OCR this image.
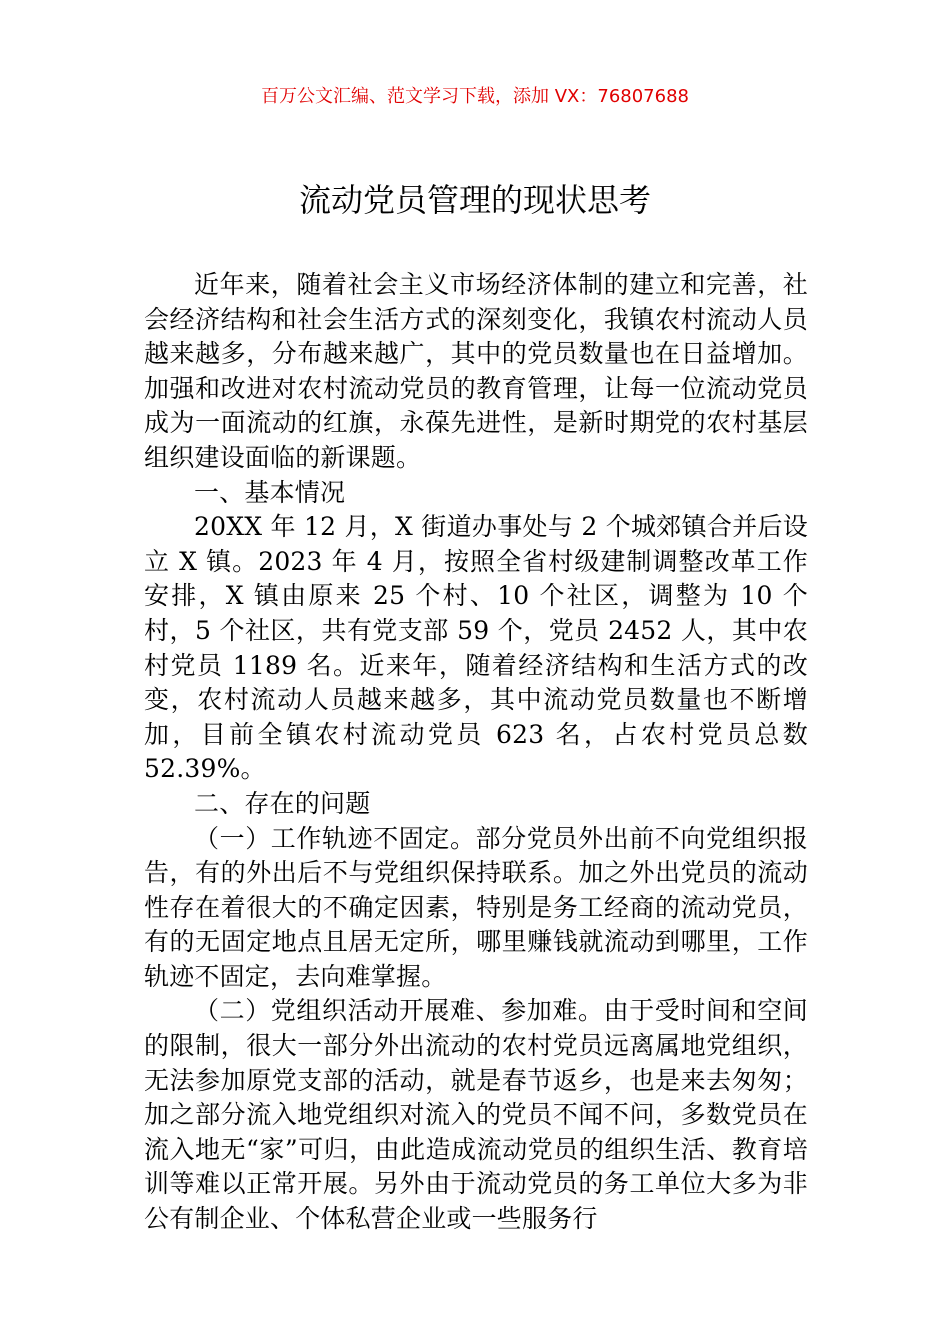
百万公文汇编、范文学习下载，添加 VX：76807688
流动党员管理的现状思考

近年来，随着社会主义市场经济体制的建立和完善，社会经济结构和社会生活方式的深刻变化，我镇农村流动人员越来越多，分布越来越广，其中的党员数量也在日益增加。加强和改进对农村流动党员的教育管理，让每一位流动党员成为一面流动的红旗，永葆先进性，是新时期党的农村基层组织建设面临的新课题。

一、基本情况

20XX 年 12 月，X 街道办事处与 2 个城郊镇合并后设立 X 镇。2023 年 4 月，按照全省村级建制调整改革工作安排，X 镇由原来 25 个村、10 个社区，调整为 10 个村，5 个社区，共有党支部 59 个，党员 2452 人，其中农村党员 1189 名。近来年，随着经济结构和生活方式的改变，农村流动人员越来越多，其中流动党员数量也不断增加，目前全镇农村流动党员 623 名，占农村党员总数 52.39%。

二、存在的问题

（一）工作轨迹不固定。部分党员外出前不向党组织报告，有的外出后不与党组织保持联系。加之外出党员的流动性存在着很大的不确定因素，特别是务工经商的流动党员，有的无固定地点且居无定所，哪里赚钱就流动到哪里，工作轨迹不固定，去向难掌握。

（二）党组织活动开展难、参加难。由于受时间和空间的限制，很大一部分外出流动的农村党员远离属地党组织，无法参加原党支部的活动，就是春节返乡，也是来去匆匆；加之部分流入地党组织对流入的党员不闻不问，多数党员在流入地无“家”可归，由此造成流动党员的组织生活、教育培训等难以正常开展。另外由于流动党员的务工单位大多为非公有制企业、个体私营企业或一些服务行
